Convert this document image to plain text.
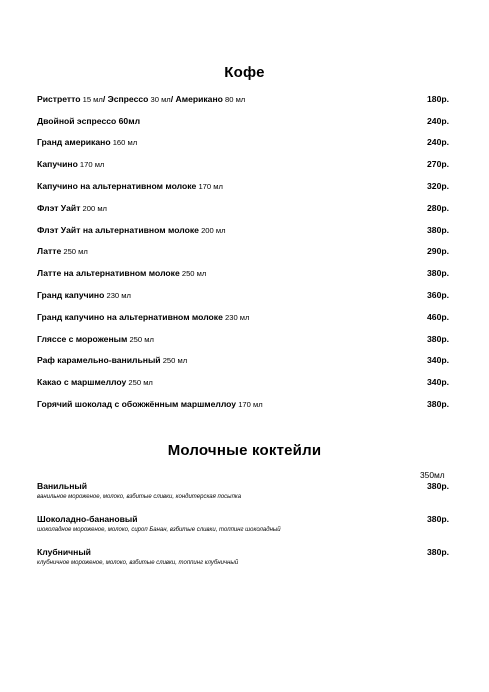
Кофе
Ристретто 15 мл/ Эспрессо 30 мл/ Американо 80 мл	180р.
Двойной эспрессо 60мл	240р.
Гранд американо 160 мл	240р.
Капучино 170 мл	270р.
Капучино на альтернативном молоке 170 мл	320р.
Флэт Уайт 200 мл	280р.
Флэт Уайт на альтернативном молоке 200 мл	380р.
Латте 250 мл	290р.
Латте на альтернативном молоке 250 мл	380р.
Гранд капучино 230 мл	360р.
Гранд капучино на альтернативном молоке 230 мл	460р.
Гляссе с мороженым 250 мл	380р.
Раф карамельно-ванильный 250 мл	340р.
Какао с маршмеллоу 250 мл	340р.
Горячий шоколад с обожжённым маршмеллоу 170 мл	380р.
Молочные коктейли
350мл
Ванильный	380р.
ванильное мороженое, молоко, взбитые сливки, кондитерская посыпка
Шоколадно-банановый	380р.
шоколадное мороженое, молоко, сироп Банан, взбитые сливки, топпинг шоколадный
Клубничный	380р.
клубничное мороженое, молоко, взбитые сливки, топпинг клубничный
